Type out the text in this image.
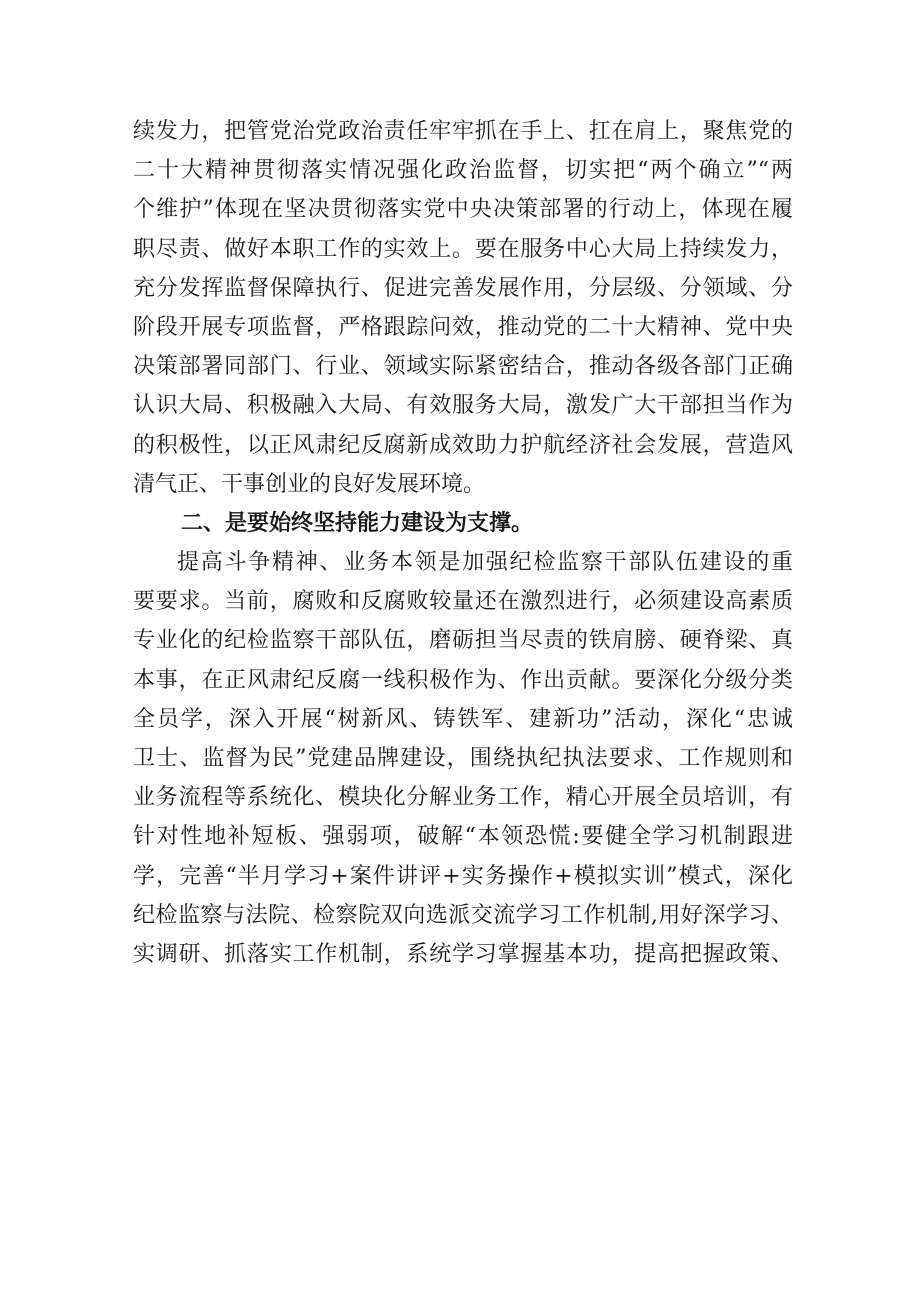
续发力，把管党治党政治责任牢牢抓在手上、扛在肩上，聚焦党的
二十大精神贯彻落实情况强化政治监督，切实把“两个确立”“两
个维护”体现在坚决贯彻落实党中央决策部署的行动上，体现在履
职尽责、做好本职工作的实效上。要在服务中心大局上持续发力，
充分发挥监督保障执行、促进完善发展作用，分层级、分领域、分
阶段开展专项监督，严格跟踪问效，推动党的二十大精神、党中央
决策部署同部门、行业、领域实际紧密结合，推动各级各部门正确
认识大局、积极融入大局、有效服务大局，激发广大干部担当作为
的积极性，以正风肃纪反腐新成效助力护航经济社会发展，营造风
清气正、干事创业的良好发展环境。
二、是要始终坚持能力建设为支撑。
提高斗争精神、业务本领是加强纪检监察干部队伍建设的重
要要求。当前，腐败和反腐败较量还在激烈进行，必须建设高素质
专业化的纪检监察干部队伍，磨砺担当尽责的铁肩膀、硬脊梁、真
本事，在正风肃纪反腐一线积极作为、作出贡献。要深化分级分类
全员学，深入开展“树新风、铸铁军、建新功”活动，深化“忠诚
卫士、监督为民”党建品牌建设，围绕执纪执法要求、工作规则和
业务流程等系统化、模块化分解业务工作，精心开展全员培训，有
针对性地补短板、强弱项，破解“本领恐慌:要健全学习机制跟进
学，完善“半月学习+案件讲评+实务操作+模拟实训”模式，深化
纪检监察与法院、检察院双向选派交流学习工作机制,用好深学习、
实调研、抓落实工作机制，系统学习掌握基本功，提高把握政策、
